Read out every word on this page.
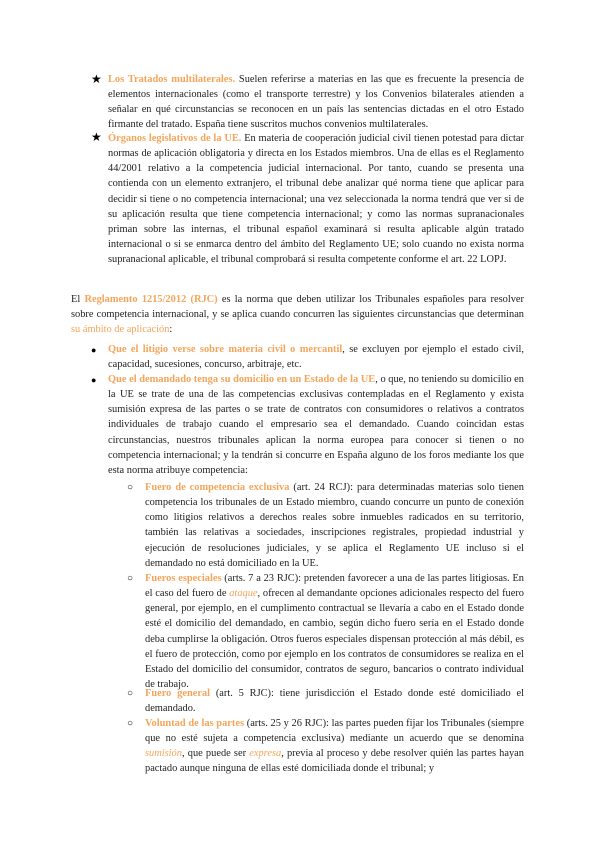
★ Los Tratados multilaterales. Suelen referirse a materias en las que es frecuente la presencia de elementos internacionales (como el transporte terrestre) y los Convenios bilaterales atienden a señalar en qué circunstancias se reconocen en un país las sentencias dictadas en el otro Estado firmante del tratado. España tiene suscritos muchos convenios multilaterales.

★ Órganos legislativos de la UE. En materia de cooperación judicial civil tienen potestad para dictar normas de aplicación obligatoria y directa en los Estados miembros. Una de ellas es el Reglamento 44/2001 relativo a la competencia judicial internacional. Por tanto, cuando se presenta una contienda con un elemento extranjero, el tribunal debe analizar qué norma tiene que aplicar para decidir si tiene o no competencia internacional; una vez seleccionada la norma tendrá que ver si de su aplicación resulta que tiene competencia internacional; y como las normas supranacionales priman sobre las internas, el tribunal español examinará si resulta aplicable algún tratado internacional o si se enmarca dentro del ámbito del Reglamento UE; solo cuando no exista norma supranacional aplicable, el tribunal comprobará si resulta competente conforme el art. 22 LOPJ.

El Reglamento 1215/2012 (RJC) es la norma que deben utilizar los Tribunales españoles para resolver sobre competencia internacional, y se aplica cuando concurren las siguientes circunstancias que determinan su ámbito de aplicación:

● Que el litigio verse sobre materia civil o mercantil, se excluyen por ejemplo el estado civil, capacidad, sucesiones, concurso, arbitraje, etc.

● Que el demandado tenga su domicilio en un Estado de la UE, o que, no teniendo su domicilio en la UE se trate de una de las competencias exclusivas contempladas en el Reglamento y exista sumisión expresa de las partes o se trate de contratos con consumidores o relativos a contratos individuales de trabajo cuando el empresario sea el demandado. Cuando coincidan estas circunstancias, nuestros tribunales aplican la norma europea para conocer si tienen o no competencia internacional; y la tendrán si concurre en España alguno de los foros mediante los que esta norma atribuye competencia:

○ Fuero de competencia exclusiva (art. 24 RCJ): para determinadas materias solo tienen competencia los tribunales de un Estado miembro, cuando concurre un punto de conexión como litigios relativos a derechos reales sobre inmuebles radicados en su territorio, también las relativas a sociedades, inscripciones registrales, propiedad industrial y ejecución de resoluciones judiciales, y se aplica el Reglamento UE incluso si el demandado no está domiciliado en la UE.

○ Fueros especiales (arts. 7 a 23 RJC): pretenden favorecer a una de las partes litigiosas. En el caso del fuero de ataque, ofrecen al demandante opciones adicionales respecto del fuero general, por ejemplo, en el cumplimento contractual se llevaría a cabo en el Estado donde esté el domicilio del demandado, en cambio, según dicho fuero sería en el Estado donde deba cumplirse la obligación. Otros fueros especiales dispensan protección al más débil, es el fuero de protección, como por ejemplo en los contratos de consumidores se realiza en el Estado del domicilio del consumidor, contratos de seguro, bancarios o contrato individual de trabajo.

○ Fuero general (art. 5 RJC): tiene jurisdicción el Estado donde esté domiciliado el demandado.

○ Voluntad de las partes (arts. 25 y 26 RJC): las partes pueden fijar los Tribunales (siempre que no esté sujeta a competencia exclusiva) mediante un acuerdo que se denomina sumisión, que puede ser expresa, previa al proceso y debe resolver quién las partes hayan pactado aunque ninguna de ellas esté domiciliada donde el tribunal; y
